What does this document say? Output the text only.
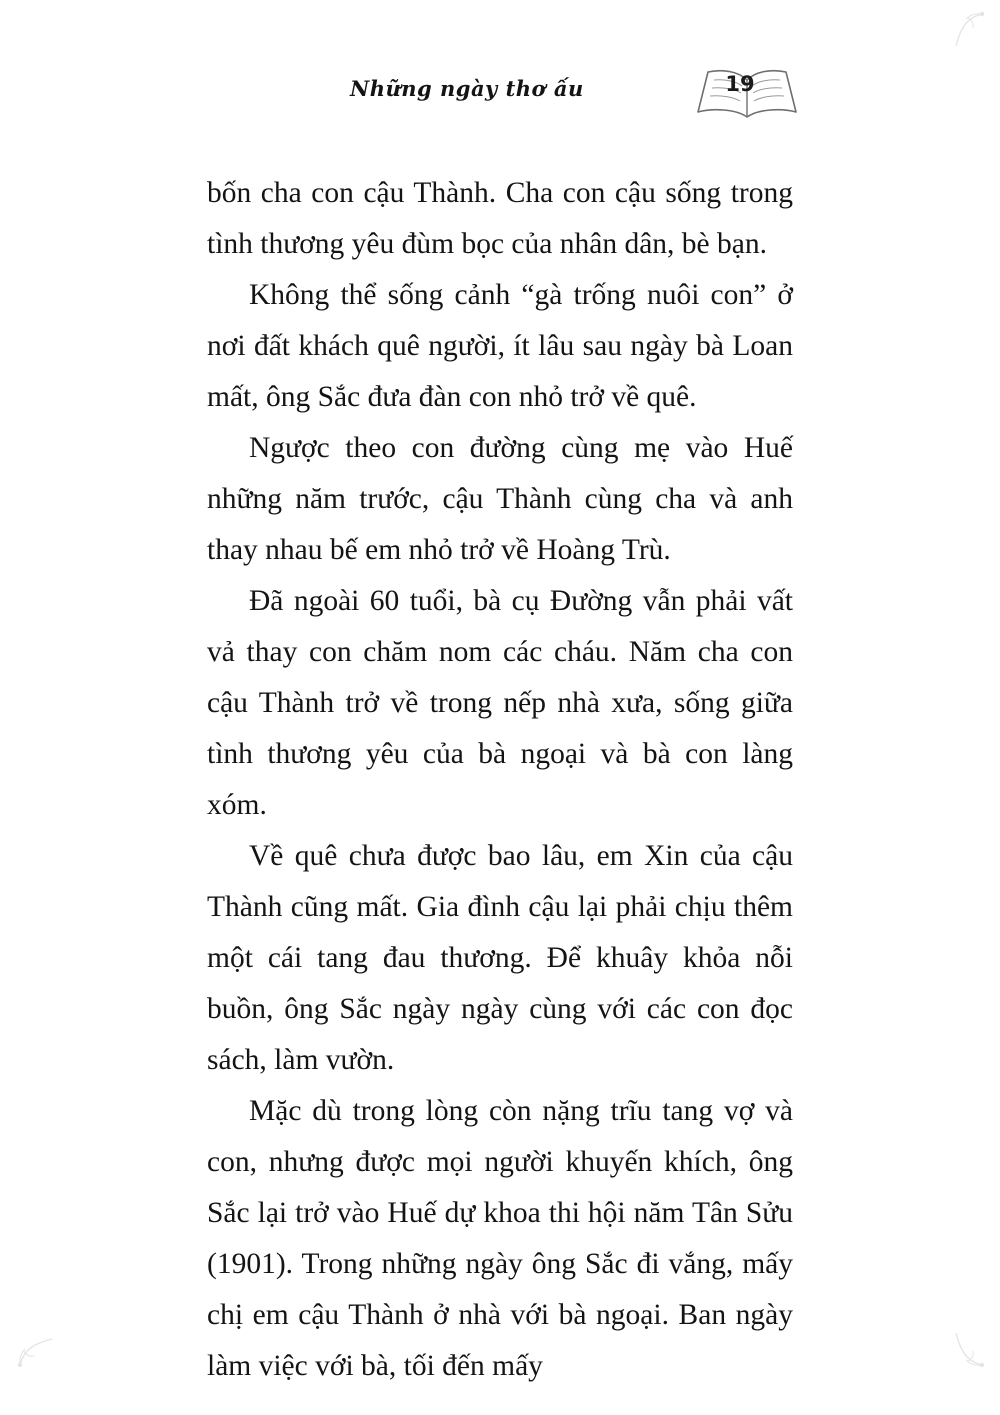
Những ngày thơ ấu	19

bốn cha con cậu Thành. Cha con cậu sống trong tình thương yêu đùm bọc của nhân dân, bè bạn.

Không thể sống cảnh “gà trống nuôi con” ở nơi đất khách quê người, ít lâu sau ngày bà Loan mất, ông Sắc đưa đàn con nhỏ trở về quê.

Ngược theo con đường cùng mẹ vào Huế những năm trước, cậu Thành cùng cha và anh thay nhau bế em nhỏ trở về Hoàng Trù.

Đã ngoài 60 tuổi, bà cụ Đường vẫn phải vất vả thay con chăm nom các cháu. Năm cha con cậu Thành trở về trong nếp nhà xưa, sống giữa tình thương yêu của bà ngoại và bà con làng xóm.

Về quê chưa được bao lâu, em Xin của cậu Thành cũng mất. Gia đình cậu lại phải chịu thêm một cái tang đau thương. Để khuây khỏa nỗi buồn, ông Sắc ngày ngày cùng với các con đọc sách, làm vườn.

Mặc dù trong lòng còn nặng trĩu tang vợ và con, nhưng được mọi người khuyến khích, ông Sắc lại trở vào Huế dự khoa thi hội năm Tân Sửu (1901). Trong những ngày ông Sắc đi vắng, mấy chị em cậu Thành ở nhà với bà ngoại. Ban ngày làm việc với bà, tối đến mấy
